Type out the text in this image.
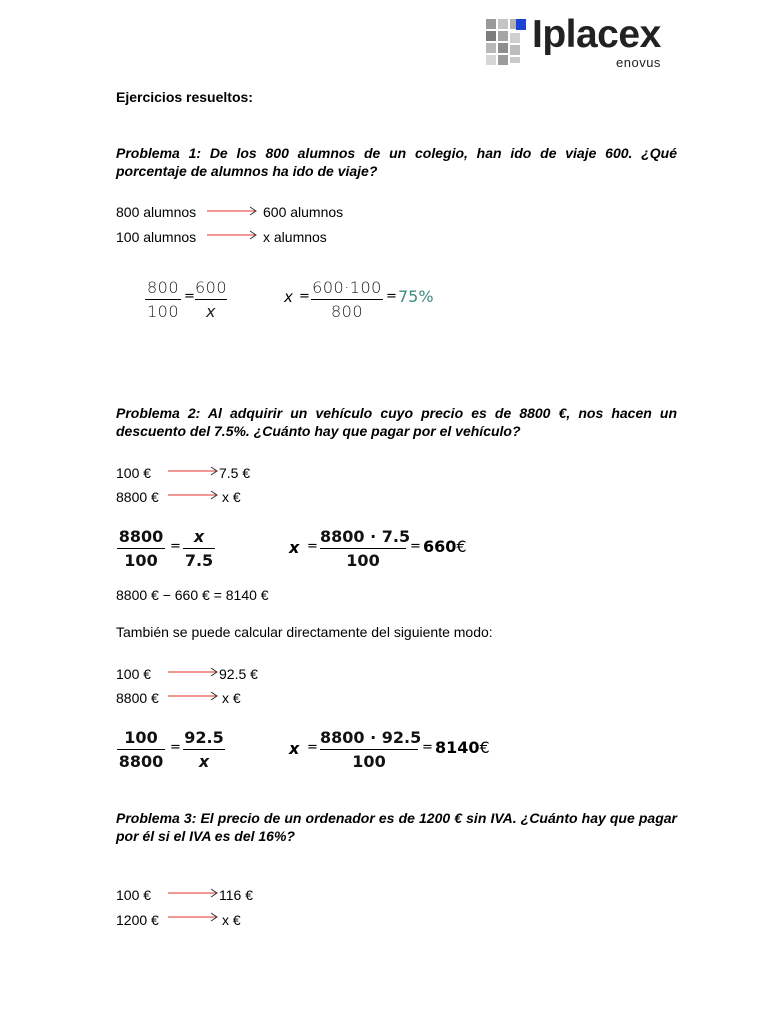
Iplacex
enovus
Ejercicios resueltos:
Problema 1: De los 800 alumnos de un colegio, han ido de viaje 600. ¿Qué porcentaje de alumnos ha ido de viaje?
800 alumnos	600 alumnos
100 alumnos	x alumnos
800
100
= 600
x
x = 600·100
800
= 75%
Problema 2: Al adquirir un vehículo cuyo precio es de 8800 €, nos hacen un descuento del 7.5%. ¿Cuánto hay que pagar por el vehículo?
100 €	7.5 €
8800 €	x €
8800
100
=
x
7.5
x =
8800 · 7.5
100
= 660€
8800 € − 660 € = 8140 €
También se puede calcular directamente del siguiente modo:
100 €	92.5 €
8800 €	x €
100
8800
=
92.5
x
x =
8800 · 92.5
100
= 8140€
Problema 3: El precio de un ordenador es de 1200 € sin IVA. ¿Cuánto hay que pagar por él si el IVA es del 16%?
100 €	116 €
1200 €	x €
